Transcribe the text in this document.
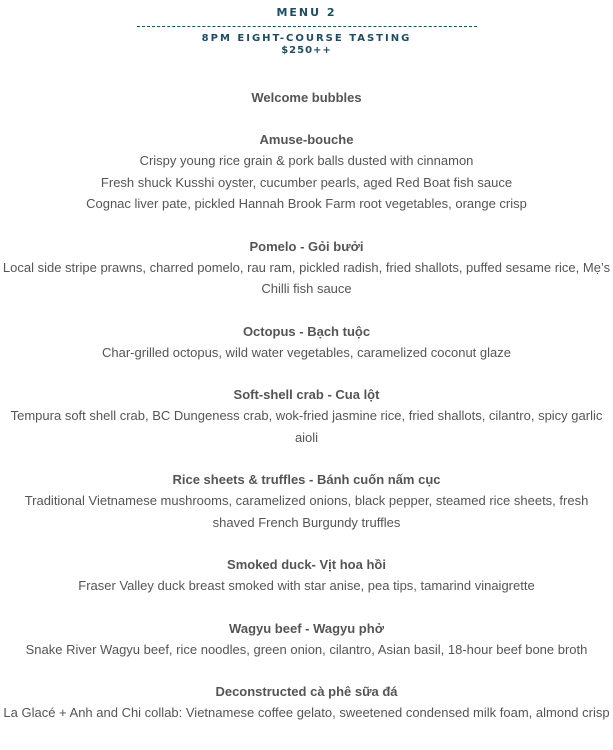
MENU 2
8PM EIGHT-COURSE TASTING
$250++
Welcome bubbles
Amuse-bouche
Crispy young rice grain & pork balls dusted with cinnamon
Fresh shuck Kusshi oyster, cucumber pearls, aged Red Boat fish sauce
Cognac liver pate, pickled Hannah Brook Farm root vegetables, orange crisp
Pomelo - Gỏi bưởi
Local side stripe prawns, charred pomelo, rau ram, pickled radish, fried shallots, puffed sesame rice, Mẹ’s Chilli fish sauce
Octopus - Bạch tuộc
Char-grilled octopus, wild water vegetables, caramelized coconut glaze
Soft-shell crab - Cua lột
Tempura soft shell crab, BC Dungeness crab, wok-fried jasmine rice, fried shallots, cilantro, spicy garlic aioli
Rice sheets & truffles - Bánh cuốn nấm cục
Traditional Vietnamese mushrooms, caramelized onions, black pepper, steamed rice sheets, fresh shaved French Burgundy truffles
Smoked duck- Vịt hoa hồi
Fraser Valley duck breast smoked with star anise, pea tips, tamarind vinaigrette
Wagyu beef - Wagyu phở
Snake River Wagyu beef, rice noodles, green onion, cilantro, Asian basil, 18-hour beef bone broth
Deconstructed cà phê sữa đá
La Glacé + Anh and Chi collab: Vietnamese coffee gelato, sweetened condensed milk foam, almond crisp
